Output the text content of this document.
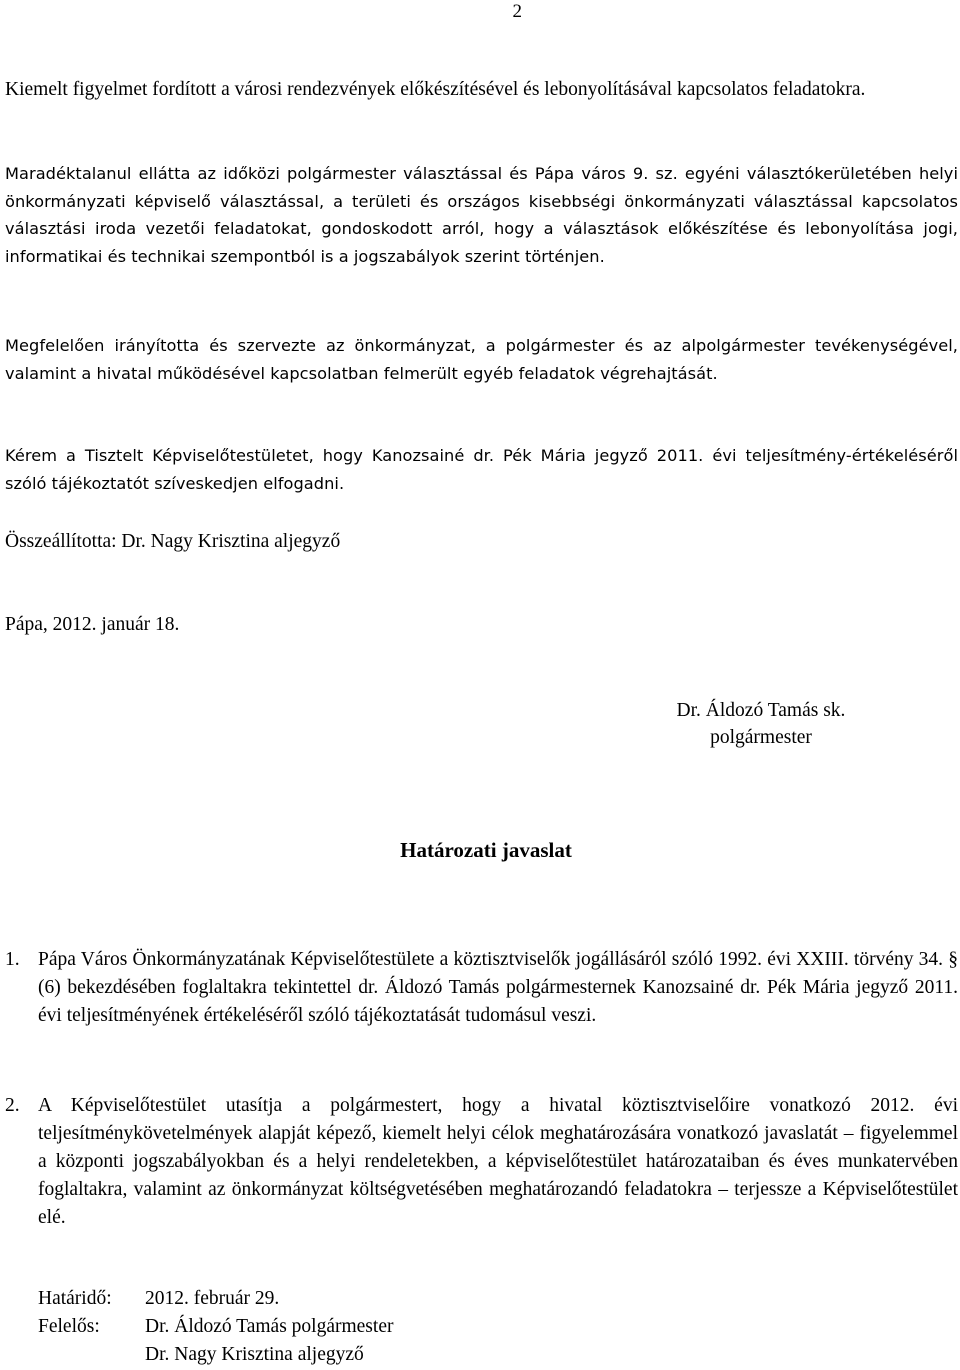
2

Kiemelt figyelmet fordított a városi rendezvények előkészítésével és lebonyolításával kapcsolatos feladatokra.

Maradéktalanul ellátta az időközi polgármester választással és Pápa város 9. sz. egyéni választókerületében helyi önkormányzati képviselő választással, a területi és országos kisebbségi önkormányzati választással kapcsolatos választási iroda vezetői feladatokat, gondoskodott arról, hogy a választások előkészítése és lebonyolítása jogi, informatikai és technikai szempontból is a jogszabályok szerint történjen.

Megfelelően irányította és szervezte az önkormányzat, a polgármester és az alpolgármester tevékenységével, valamint a hivatal működésével kapcsolatban felmerült egyéb feladatok végrehajtását.

Kérem a Tisztelt Képviselőtestületet, hogy Kanozsainé dr. Pék Mária jegyző 2011. évi teljesítmény-értékeléséről szóló tájékoztatót szíveskedjen elfogadni.

Összeállította: Dr. Nagy Krisztina aljegyző

Pápa, 2012. január 18.

Dr. Áldozó Tamás sk.
polgármester
Határozati javaslat
1. Pápa Város Önkormányzatának Képviselőtestülete a köztisztviselők jogállásáról szóló 1992. évi XXIII. törvény 34. § (6) bekezdésében foglaltakra tekintettel dr. Áldozó Tamás polgármesternek Kanozsainé dr. Pék Mária jegyző 2011. évi teljesítményének értékeléséről szóló tájékoztatását tudomásul veszi.
2. A Képviselőtestület utasítja a polgármestert, hogy a hivatal köztisztviselőire vonatkozó 2012. évi teljesítménykövetelmények alapját képező, kiemelt helyi célok meghatározására vonatkozó javaslatát – figyelemmel a központi jogszabályokban és a helyi rendeletekben, a képviselőtestület határozataiban és éves munkatervében foglaltakra, valamint az önkormányzat költségvetésében meghatározandó feladatokra – terjessze a Képviselőtestület elé.
Határidő: 2012. február 29.
Felelős: Dr. Áldozó Tamás polgármester
Dr. Nagy Krisztina aljegyző
